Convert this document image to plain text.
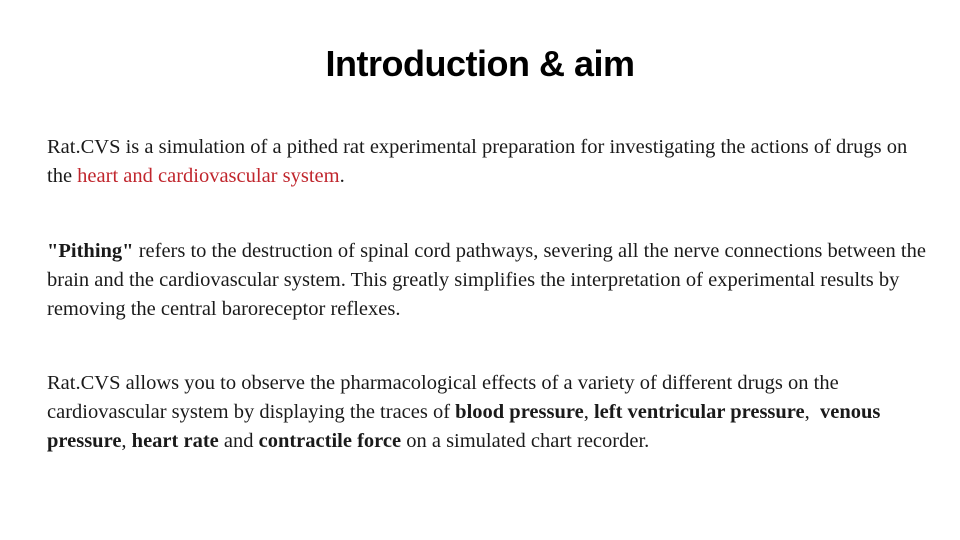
Introduction & aim

Rat.CVS is a simulation of a pithed rat experimental preparation for investigating the actions of drugs on the heart and cardiovascular system.

"Pithing" refers to the destruction of spinal cord pathways, severing all the nerve connections between the brain and the cardiovascular system. This greatly simplifies the interpretation of experimental results by removing the central baroreceptor reflexes.

Rat.CVS allows you to observe the pharmacological effects of a variety of different drugs on the cardiovascular system by displaying the traces of blood pressure, left ventricular pressure,  venous pressure, heart rate and contractile force on a simulated chart recorder.
